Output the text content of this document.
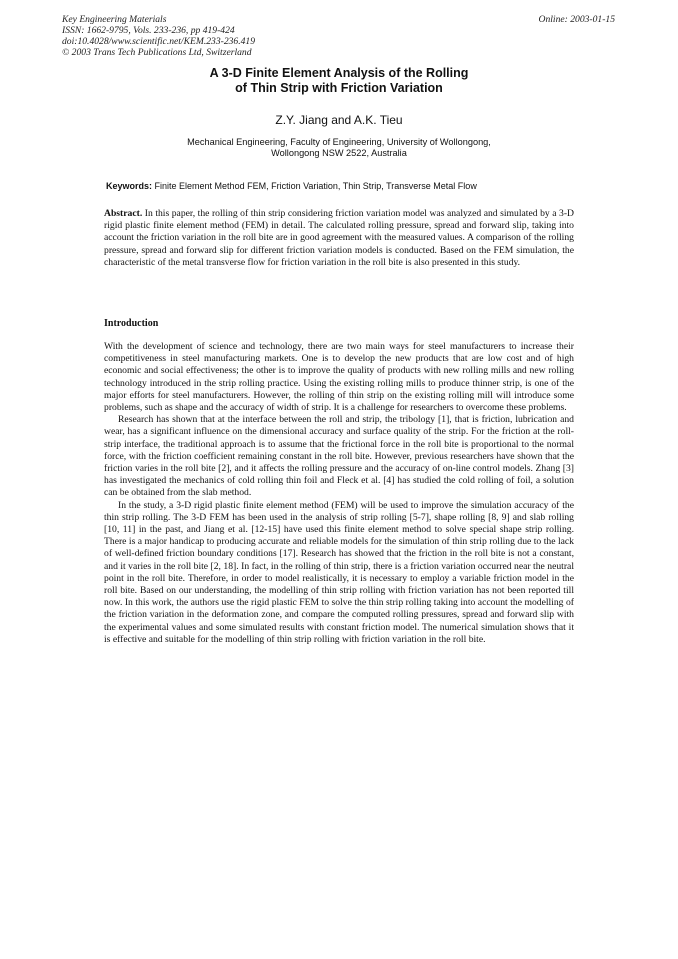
Key Engineering Materials
ISSN: 1662-9795, Vols. 233-236, pp 419-424
doi:10.4028/www.scientific.net/KEM.233-236.419
© 2003 Trans Tech Publications Ltd, Switzerland
Online: 2003-01-15
A 3-D Finite Element Analysis of the Rolling
of Thin Strip with Friction Variation
Z.Y. Jiang and A.K. Tieu
Mechanical Engineering, Faculty of Engineering, University of Wollongong,
Wollongong NSW 2522, Australia
Keywords: Finite Element Method FEM, Friction Variation, Thin Strip, Transverse Metal Flow
Abstract. In this paper, the rolling of thin strip considering friction variation model was analyzed and simulated by a 3-D rigid plastic finite element method (FEM) in detail. The calculated rolling pressure, spread and forward slip, taking into account the friction variation in the roll bite are in good agreement with the measured values. A comparison of the rolling pressure, spread and forward slip for different friction variation models is conducted. Based on the FEM simulation, the characteristic of the metal transverse flow for friction variation in the roll bite is also presented in this study.
Introduction

With the development of science and technology, there are two main ways for steel manufacturers to increase their competitiveness in steel manufacturing markets. One is to develop the new products that are low cost and of high economic and social effectiveness; the other is to improve the quality of products with new rolling mills and new rolling technology introduced in the strip rolling practice. Using the existing rolling mills to produce thinner strip, is one of the major efforts for steel manufacturers. However, the rolling of thin strip on the existing rolling mill will introduce some problems, such as shape and the accuracy of width of strip. It is a challenge for researchers to overcome these problems.

Research has shown that at the interface between the roll and strip, the tribology [1], that is friction, lubrication and wear, has a significant influence on the dimensional accuracy and surface quality of the strip. For the friction at the roll-strip interface, the traditional approach is to assume that the frictional force in the roll bite is proportional to the normal force, with the friction coefficient remaining constant in the roll bite. However, previous researchers have shown that the friction varies in the roll bite [2], and it affects the rolling pressure and the accuracy of on-line control models. Zhang [3] has investigated the mechanics of cold rolling thin foil and Fleck et al. [4] has studied the cold rolling of foil, a solution can be obtained from the slab method.

In the study, a 3-D rigid plastic finite element method (FEM) will be used to improve the simulation accuracy of the thin strip rolling. The 3-D FEM has been used in the analysis of strip rolling [5-7], shape rolling [8, 9] and slab rolling [10, 11] in the past, and Jiang et al. [12-15] have used this finite element method to solve special shape strip rolling. There is a major handicap to producing accurate and reliable models for the simulation of thin strip rolling due to the lack of well-defined friction boundary conditions [17]. Research has showed that the friction in the roll bite is not a constant, and it varies in the roll bite [2, 18]. In fact, in the rolling of thin strip, there is a friction variation occurred near the neutral point in the roll bite. Therefore, in order to model realistically, it is necessary to employ a variable friction model in the roll bite. Based on our understanding, the modelling of thin strip rolling with friction variation has not been reported till now. In this work, the authors use the rigid plastic FEM to solve the thin strip rolling taking into account the modelling of the friction variation in the deformation zone, and compare the computed rolling pressures, spread and forward slip with the experimental values and some simulated results with constant friction model. The numerical simulation shows that it is effective and suitable for the modelling of thin strip rolling with friction variation in the roll bite.
